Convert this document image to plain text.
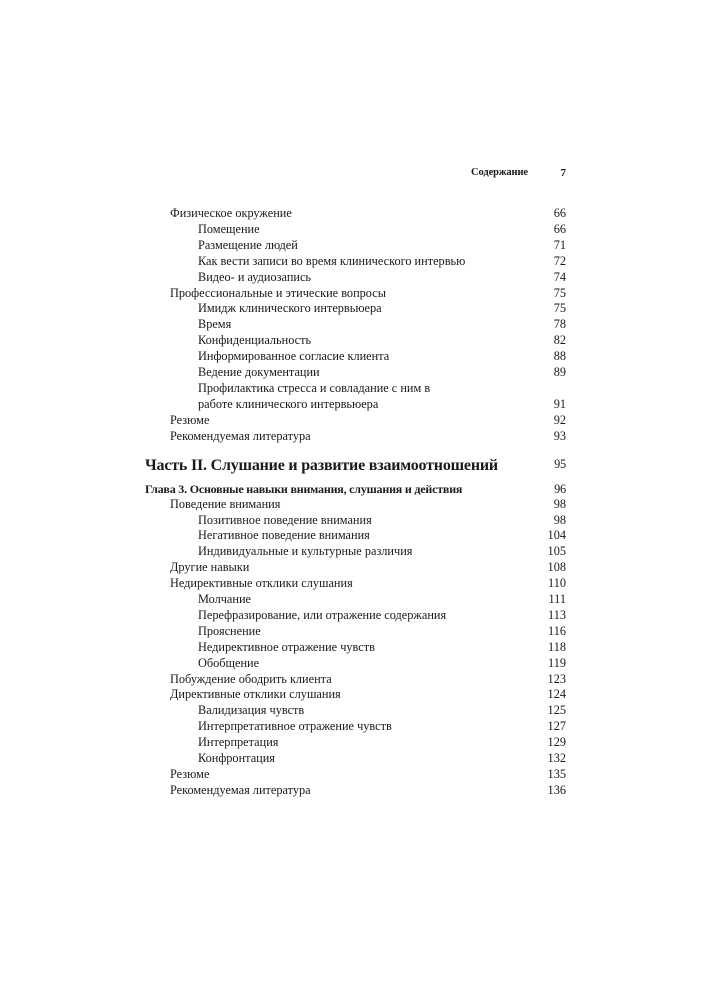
Содержание	7
Физическое окружение	66
Помещение	66
Размещение людей	71
Как вести записи во время клинического интервью	72
Видео- и аудиозапись	74
Профессиональные и этические вопросы	75
Имидж клинического интервьюера	75
Время	78
Конфиденциальность	82
Информированное согласие клиента	88
Ведение документации	89
Профилактика стресса и совладание с ним в работе клинического интервьюера	91
Резюме	92
Рекомендуемая литература	93
Часть II. Слушание и развитие взаимоотношений	95
Глава 3. Основные навыки внимания, слушания и действия	96
Поведение внимания	98
Позитивное поведение внимания	98
Негативное поведение внимания	104
Индивидуальные и культурные различия	105
Другие навыки	108
Недирективные отклики слушания	110
Молчание	111
Перефразирование, или отражение содержания	113
Прояснение	116
Недирективное отражение чувств	118
Обобщение	119
Побуждение ободрить клиента	123
Директивные отклики слушания	124
Валидизация чувств	125
Интерпретативное отражение чувств	127
Интерпретация	129
Конфронтация	132
Резюме	135
Рекомендуемая литература	136
